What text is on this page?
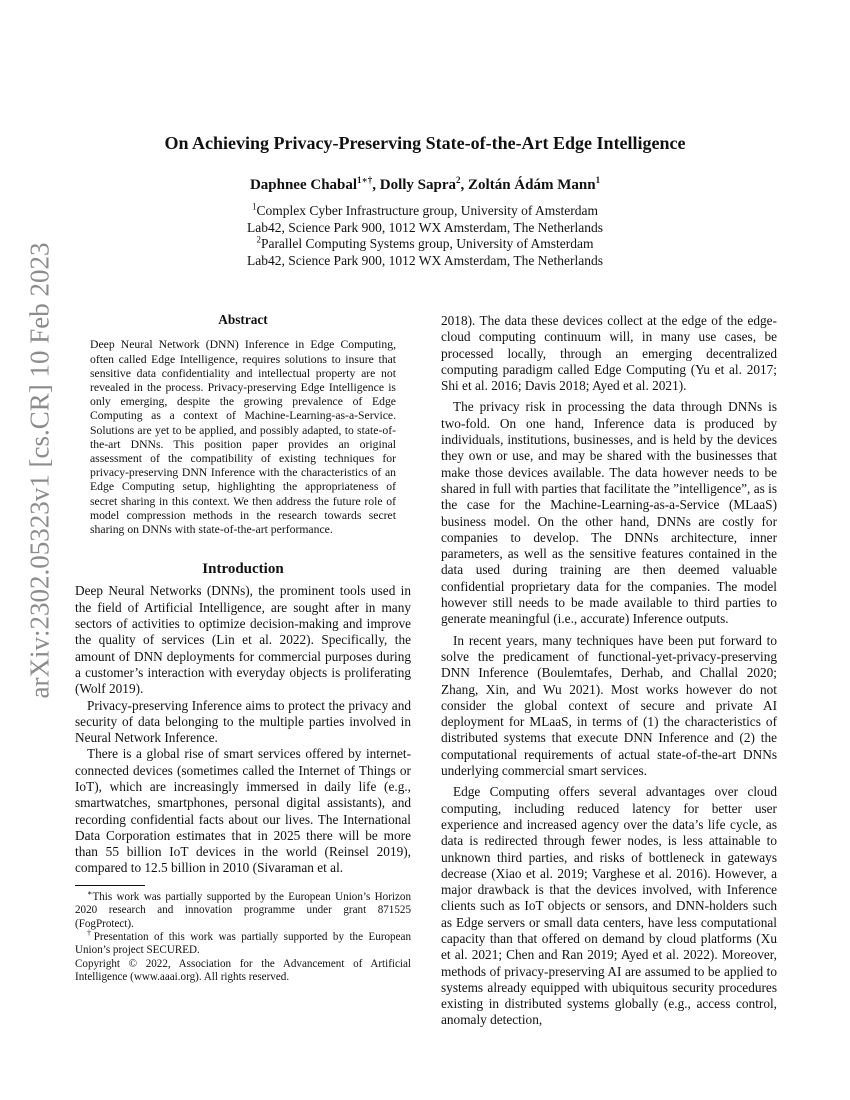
arXiv:2302.05323v1 [cs.CR] 10 Feb 2023
On Achieving Privacy-Preserving State-of-the-Art Edge Intelligence
Daphnee Chabal$^{1∗\dagger}$, Dolly Sapra$^2$, Zoltán Ádám Mann$^1$
$^1$Complex Cyber Infrastructure group, University of Amsterdam
Lab42, Science Park 900, 1012 WX Amsterdam, The Netherlands
$^2$Parallel Computing Systems group, University of Amsterdam
Lab42, Science Park 900, 1012 WX Amsterdam, The Netherlands
Abstract
Deep Neural Network (DNN) Inference in Edge Computing, often called Edge Intelligence, requires solutions to insure that sensitive data confidentiality and intellectual property are not revealed in the process. Privacy-preserving Edge Intelligence is only emerging, despite the growing prevalence of Edge Computing as a context of Machine-Learning-as-a-Service. Solutions are yet to be applied, and possibly adapted, to state-of-the-art DNNs. This position paper provides an original assessment of the compatibility of existing techniques for privacy-preserving DNN Inference with the characteristics of an Edge Computing setup, highlighting the appropriateness of secret sharing in this context. We then address the future role of model compression methods in the research towards secret sharing on DNNs with state-of-the-art performance.
Introduction

Deep Neural Networks (DNNs), the prominent tools used in the field of Artificial Intelligence, are sought after in many sectors of activities to optimize decision-making and improve the quality of services (Lin et al. 2022). Specifically, the amount of DNN deployments for commercial purposes during a customer’s interaction with everyday objects is proliferating (Wolf 2019).

Privacy-preserving Inference aims to protect the privacy and security of data belonging to the multiple parties involved in Neural Network Inference.

There is a global rise of smart services offered by internet-connected devices (sometimes called the Internet of Things or IoT), which are increasingly immersed in daily life (e.g., smartwatches, smartphones, personal digital assistants), and recording confidential facts about our lives. The International Data Corporation estimates that in 2025 there will be more than 55 billion IoT devices in the world (Reinsel 2019), compared to 12.5 billion in 2010 (Sivaraman et al.

∗This work was partially supported by the European Union’s Horizon 2020 research and innovation programme under grant 871525 (FogProtect).

†Presentation of this work was partially supported by the European Union’s project SECURED.

Copyright © 2022, Association for the Advancement of Artificial Intelligence (www.aaai.org). All rights reserved.

2018). The data these devices collect at the edge of the edge-cloud computing continuum will, in many use cases, be processed locally, through an emerging decentralized computing paradigm called Edge Computing (Yu et al. 2017; Shi et al. 2016; Davis 2018; Ayed et al. 2021).

The privacy risk in processing the data through DNNs is two-fold. On one hand, Inference data is produced by individuals, institutions, businesses, and is held by the devices they own or use, and may be shared with the businesses that make those devices available. The data however needs to be shared in full with parties that facilitate the ”intelligence”, as is the case for the Machine-Learning-as-a-Service (MLaaS) business model. On the other hand, DNNs are costly for companies to develop. The DNNs architecture, inner parameters, as well as the sensitive features contained in the data used during training are then deemed valuable confidential proprietary data for the companies. The model however still needs to be made available to third parties to generate meaningful (i.e., accurate) Inference outputs.

In recent years, many techniques have been put forward to solve the predicament of functional-yet-privacy-preserving DNN Inference (Boulemtafes, Derhab, and Challal 2020; Zhang, Xin, and Wu 2021). Most works however do not consider the global context of secure and private AI deployment for MLaaS, in terms of (1) the characteristics of distributed systems that execute DNN Inference and (2) the computational requirements of actual state-of-the-art DNNs underlying commercial smart services.

Edge Computing offers several advantages over cloud computing, including reduced latency for better user experience and increased agency over the data’s life cycle, as data is redirected through fewer nodes, is less attainable to unknown third parties, and risks of bottleneck in gateways decrease (Xiao et al. 2019; Varghese et al. 2016). However, a major drawback is that the devices involved, with Inference clients such as IoT objects or sensors, and DNN-holders such as Edge servers or small data centers, have less computational capacity than that offered on demand by cloud platforms (Xu et al. 2021; Chen and Ran 2019; Ayed et al. 2022). Moreover, methods of privacy-preserving AI are assumed to be applied to systems already equipped with ubiquitous security procedures existing in distributed systems globally (e.g., access control, anomaly detection,
